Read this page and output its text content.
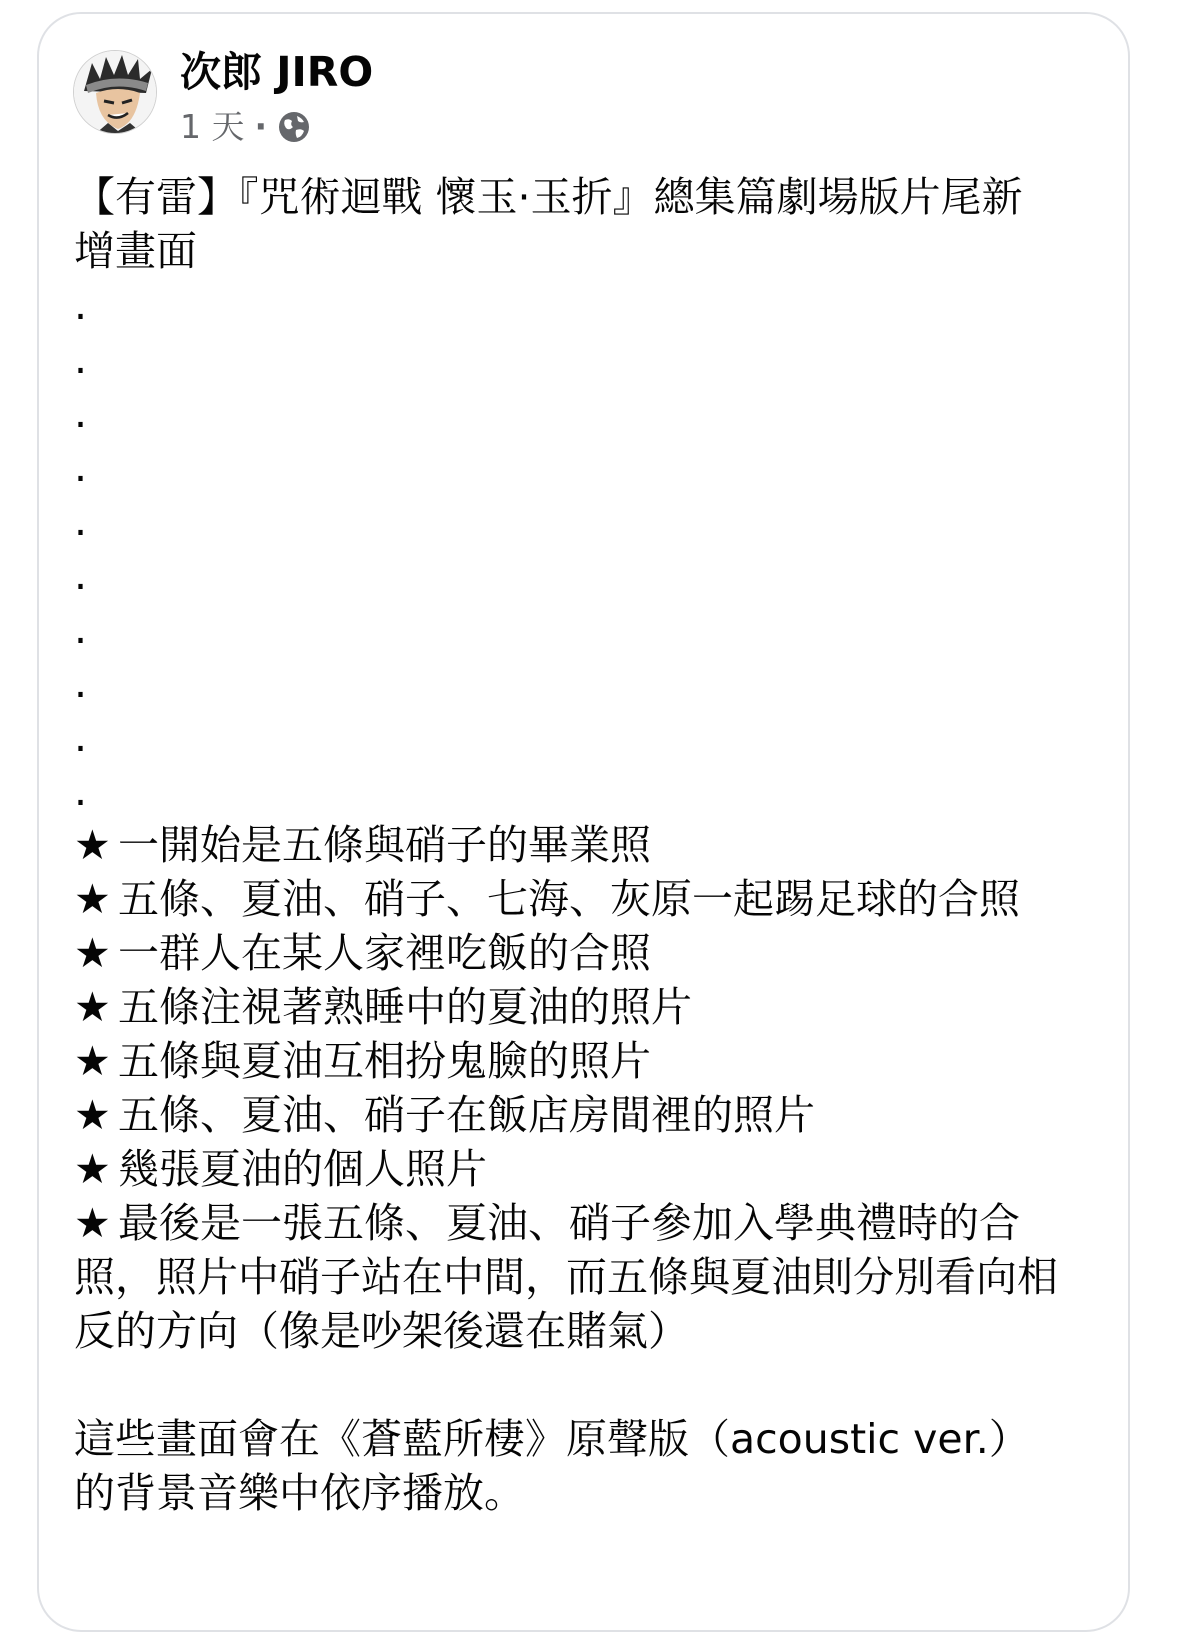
次郎 JIRO
1 天 ·
【有雷】『咒術迴戰 懷玉·玉折』總集篇劇場版片尾新
增畫面
.
.
.
.
.
.
.
.
.
.
★ 一開始是五條與硝子的畢業照
★ 五條、夏油、硝子、七海、灰原一起踢足球的合照
★ 一群人在某人家裡吃飯的合照
★ 五條注視著熟睡中的夏油的照片
★ 五條與夏油互相扮鬼臉的照片
★ 五條、夏油、硝子在飯店房間裡的照片
★ 幾張夏油的個人照片
★ 最後是一張五條、夏油、硝子參加入學典禮時的合照，照片中硝子站在中間，而五條與夏油則分別看向相反的方向（像是吵架後還在賭氣）
這些畫面會在《蒼藍所棲》原聲版（acoustic ver.）
的背景音樂中依序播放。
